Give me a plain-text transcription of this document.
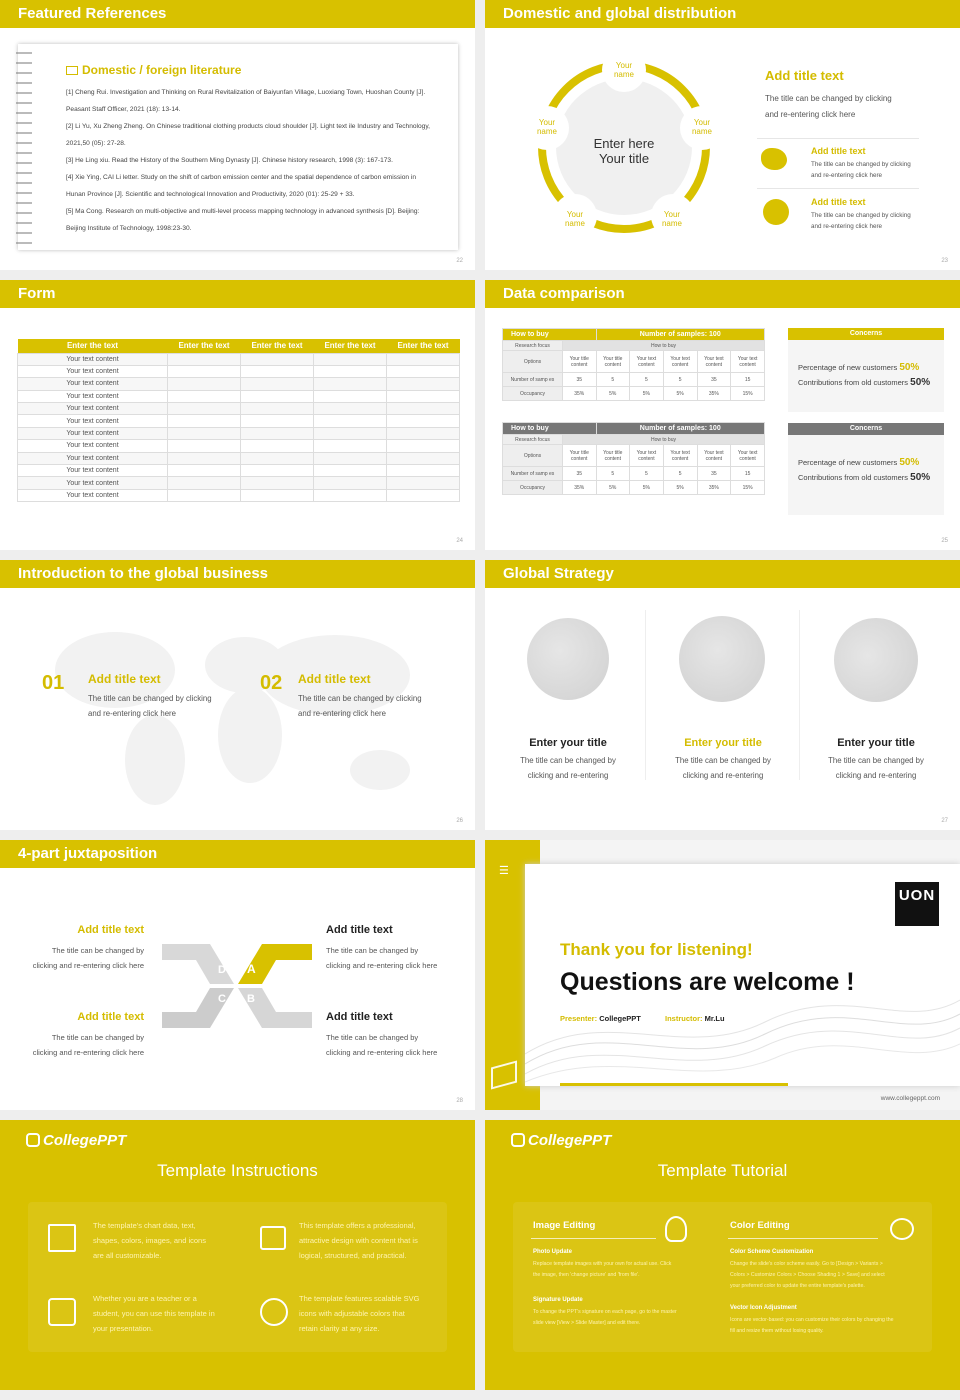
Featured References
Domestic / foreign literature
[1] Cheng Rui. Investigation and Thinking on Rural Revitalization of Baiyunfan Village, Luoxiang Town, Huoshan County [J].
Peasant Staff Officer, 2021 (18): 13-14.
[2] Li Yu, Xu Zheng Zheng. On Chinese traditional clothing products cloud shoulder [J]. Light text ile Industry and Technology,
2021,50 (05): 27-28.
[3] He Ling xiu. Read the History of the Southern Ming Dynasty [J]. Chinese history research, 1998 (3): 167-173.
[4] Xie Ying, CAI Li letter. Study on the shift of carbon emission center and the spatial dependence of carbon emission in
Hunan Province [J]. Scientific and technological Innovation and Productivity, 2020 (01): 25-29 + 33.
[5] Ma Cong. Research on multi-objective and multi-level process mapping technology in advanced synthesis [D]. Beijing:
Beijing Institute of Technology, 1998:23-30.
22
Domestic and global distribution
Enter here
Your title
Your name
Your name
Your name
Your name
Your name
Add title text
The title can be changed by clicking
and re-entering click here
Add title text
The title can be changed by clicking
and re-entering click here
Add title text
The title can be changed by clicking
and re-entering click here
23
Form
Enter the text	Enter the text	Enter the text	Enter the text	Enter the text
Your text content				
Your text content				
Your text content				
Your text content				
Your text content				
Your text content				
Your text content				
Your text content				
Your text content				
Your text content				
Your text content				
Your text content				
24
Data comparison
How to buy		Number of samples: 100				
Research focus	How to buy					
Options	Your title content	Your title content	Your text content	Your text content	Your text content	Your text content
Number of samp es	35	5	5	5	35	15
Occupancy	35%	5%	5%	5%	35%	15%
How to buy		Number of samples: 100				
Research focus	How to buy					
Options	Your title content	Your title content	Your text content	Your text content	Your text content	Your text content
Number of samp es	35	5	5	5	35	15
Occupancy	35%	5%	5%	5%	35%	15%
Concerns
Percentage of new customers 50%
Contributions from old customers 50%
Concerns
Percentage of new customers 50%
Contributions from old customers 50%
25
Introduction to the global business
01 Add title text
The title can be changed by clicking
and re-entering click here
02 Add title text
The title can be changed by clicking
and re-entering click here
26
Global Strategy
Enter your title
The title can be changed by
clicking and re-entering
Enter your title
The title can be changed by
clicking and re-entering
Enter your title
The title can be changed by
clicking and re-entering
27
4-part juxtaposition
Add title text
The title can be changed by
clicking and re-entering click here
Add title text
The title can be changed by
clicking and re-entering click here
Add title text
The title can be changed by
clicking and re-entering click here
Add title text
The title can be changed by
clicking and re-entering click here
D A
C B
28
☰
UON
Thank you for listening!
Questions are welcome !
Presenter: CollegePPT	Instructor: Mr.Lu
www.collegeppt.com
CollegePPT
Template Instructions
The template's chart data, text,
shapes, colors, images, and icons
are all customizable.
This template offers a professional,
attractive design with content that is
logical, structured, and practical.
Whether you are a teacher or a
student, you can use this template in
your presentation.
The template features scalable SVG
icons with adjustable colors that
retain clarity at any size.
CollegePPT
Template Tutorial
Image Editing
Photo Update
Replace template images with your own for actual use. Click
the image, then 'change picture' and 'from file'.
Signature Update
To change the PPT's signature on each page, go to the master
slide view [View > Slide Master] and edit there.
Color Editing
Color Scheme Customization
Change the slide's color scheme easily. Go to [Design > Variants >
Colors > Customize Colors > Choose Shading 1 > Save] and select
your preferred color to update the entire template's palette.
Vector Icon Adjustment
Icons are vector-based: you can customize their colors by changing the
fill and resize them without losing quality.
